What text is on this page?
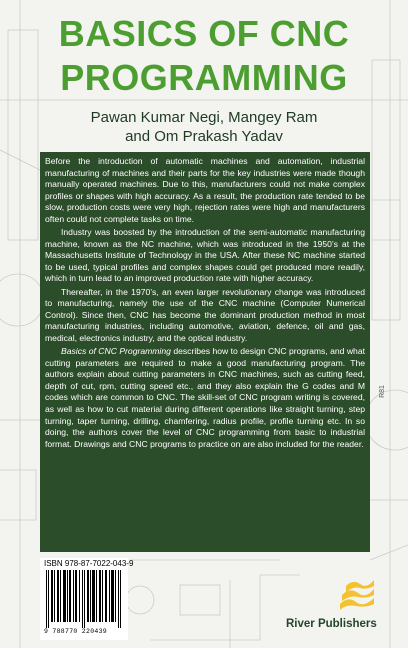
BASICS OF CNC
PROGRAMMING
Pawan Kumar Negi, Mangey Ram
and Om Prakash Yadav

Before the introduction of automatic machines and automation, industrial manufacturing of machines and their parts for the key industries were made though manually operated machines. Due to this, manufacturers could not make complex profiles or shapes with high accuracy. As a result, the production rate tended to be slow, production costs were very high, rejection rates were high and manufacturers often could not complete tasks on time.

Industry was boosted by the introduction of the semi-automatic manufacturing machine, known as the NC machine, which was introduced in the 1950’s at the Massachusetts Institute of Technology in the USA. After these NC machine started to be used, typical profiles and complex shapes could get produced more readily, which in turn lead to an improved production rate with higher accuracy.

Thereafter, in the 1970’s, an even larger revolutionary change was introduced to manufacturing, namely the use of the CNC machine (Computer Numerical Control). Since then, CNC has become the dominant production method in most manufacturing industries, including automotive, aviation, defence, oil and gas, medical, electronics industry, and the optical industry.

Basics of CNC Programming describes how to design CNC programs, and what cutting parameters are required to make a good manufacturing program. The authors explain about cutting parameters in CNC machines, such as cutting feed, depth of cut, rpm, cutting speed etc., and they also explain the G codes and M codes which are common to CNC. The skill-set of CNC program writing is covered, as well as how to cut material during different operations like straight turning, step turning, taper turning, drilling, chamfering, radius profile, profile turning etc. In so doing, the authors cover the level of CNC programming from basic to industrial format. Drawings and CNC programs to practice on are also included for the reader.

R81
ISBN 978-87-7022-043-9
9 788770 220439
River Publishers
